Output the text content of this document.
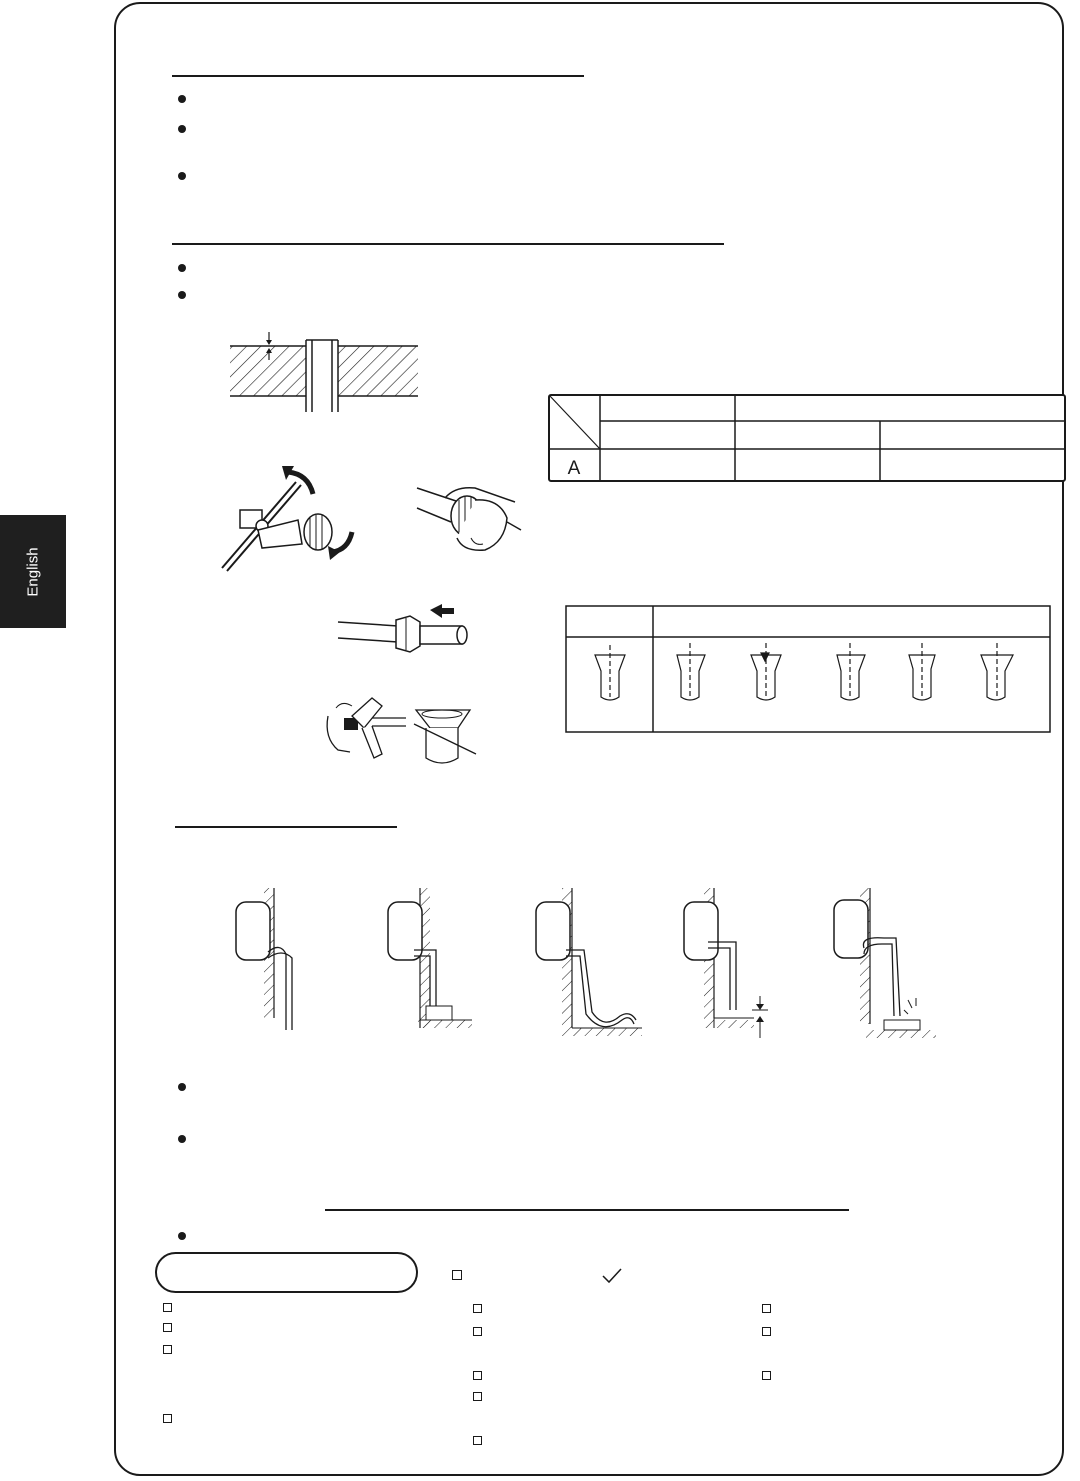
English
A
